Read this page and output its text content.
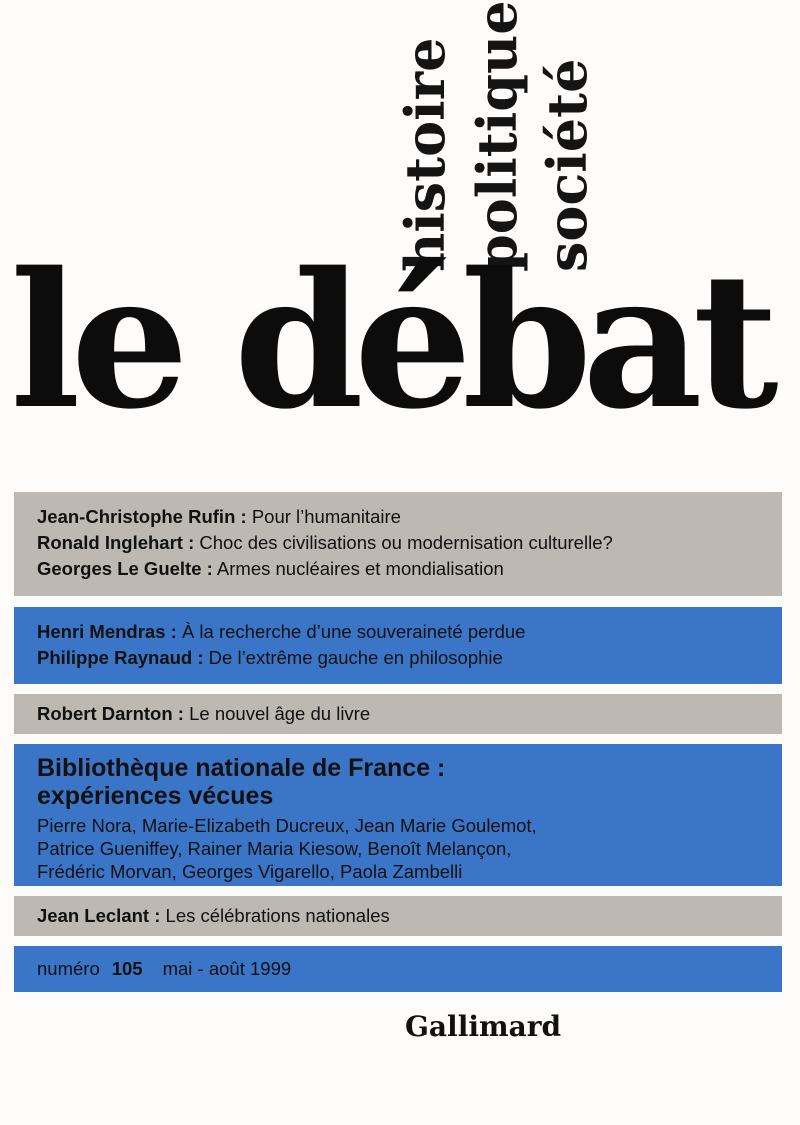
histoire politique société
le débat
Jean-Christophe Rufin : Pour l’humanitaire
Ronald Inglehart : Choc des civilisations ou modernisation culturelle?
Georges Le Guelte : Armes nucléaires et mondialisation
Henri Mendras : À la recherche d’une souveraineté perdue
Philippe Raynaud : De l’extrême gauche en philosophie
Robert Darnton : Le nouvel âge du livre
Bibliothèque nationale de France :
expériences vécues
Pierre Nora, Marie-Elizabeth Ducreux, Jean Marie Goulemot,
Patrice Gueniffey, Rainer Maria Kiesow, Benoît Melançon,
Frédéric Morvan, Georges Vigarello, Paola Zambelli
Jean Leclant : Les célébrations nationales
numéro 105 mai - août 1999
Gallimard
